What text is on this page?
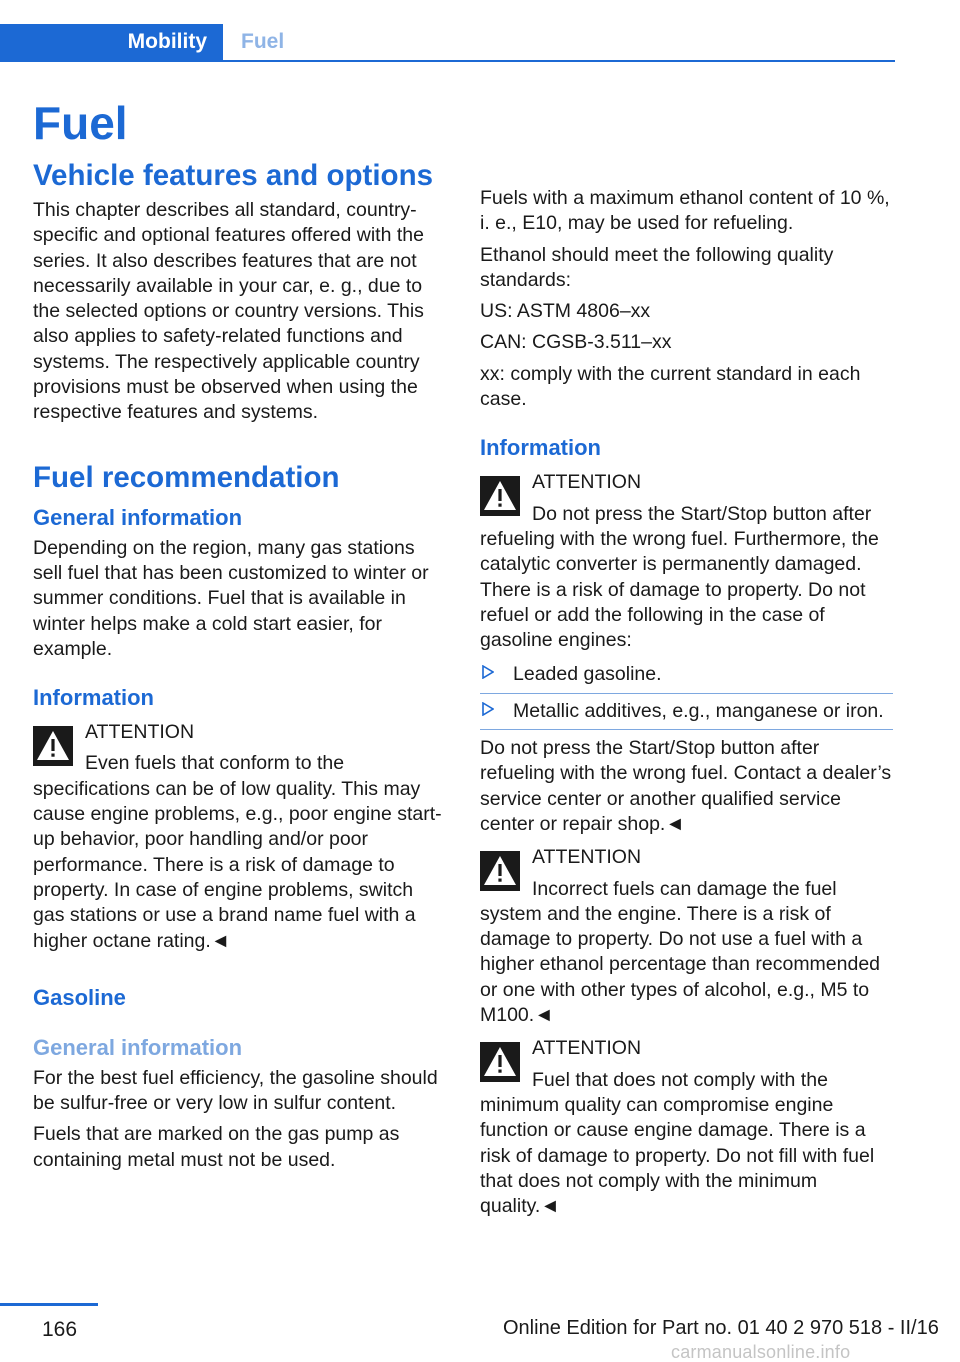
Mobility	Fuel
Fuel
Vehicle features and options

This chapter describes all standard, country-specific and optional features offered with the series. It also describes features that are not necessarily available in your car, e. g., due to the selected options or country versions. This also applies to safety-related functions and systems. The respectively applicable country provisions must be observed when using the respective features and systems.

Fuel recommendation
General information

Depending on the region, many gas stations sell fuel that has been customized to winter or summer conditions. Fuel that is available in winter helps make a cold start easier, for example.

Information
ATTENTION
Even fuels that conform to the specifications can be of low quality. This may cause engine problems, e.g., poor engine start-up behavior, poor handling and/or poor performance. There is a risk of damage to property. In case of engine problems, switch gas stations or use a brand name fuel with a higher octane rating.◄
Gasoline
General information

For the best fuel efficiency, the gasoline should be sulfur-free or very low in sulfur content.

Fuels that are marked on the gas pump as containing metal must not be used.

Fuels with a maximum ethanol content of 10 %, i. e., E10, may be used for refueling.

Ethanol should meet the following quality standards:

US: ASTM 4806–xx

CAN: CGSB-3.511–xx

xx: comply with the current standard in each case.

Information
ATTENTION
Do not press the Start/Stop button after refueling with the wrong fuel. Furthermore, the catalytic converter is permanently damaged. There is a risk of damage to property. Do not refuel or add the following in the case of gasoline engines:
Leaded gasoline.
Metallic additives, e.g., manganese or iron.

Do not press the Start/Stop button after refueling with the wrong fuel. Contact a dealer’s service center or another qualified service center or repair shop.◄

ATTENTION
Incorrect fuels can damage the fuel system and the engine. There is a risk of damage to property. Do not use a fuel with a higher ethanol percentage than recommended or one with other types of alcohol, e.g., M5 to M100.◄
ATTENTION
Fuel that does not comply with the minimum quality can compromise engine function or cause engine damage. There is a risk of damage to property. Do not fill with fuel that does not comply with the minimum quality.◄
166	Online Edition for Part no. 01 40 2 970 518 - II/16
carmanualsonline.info
